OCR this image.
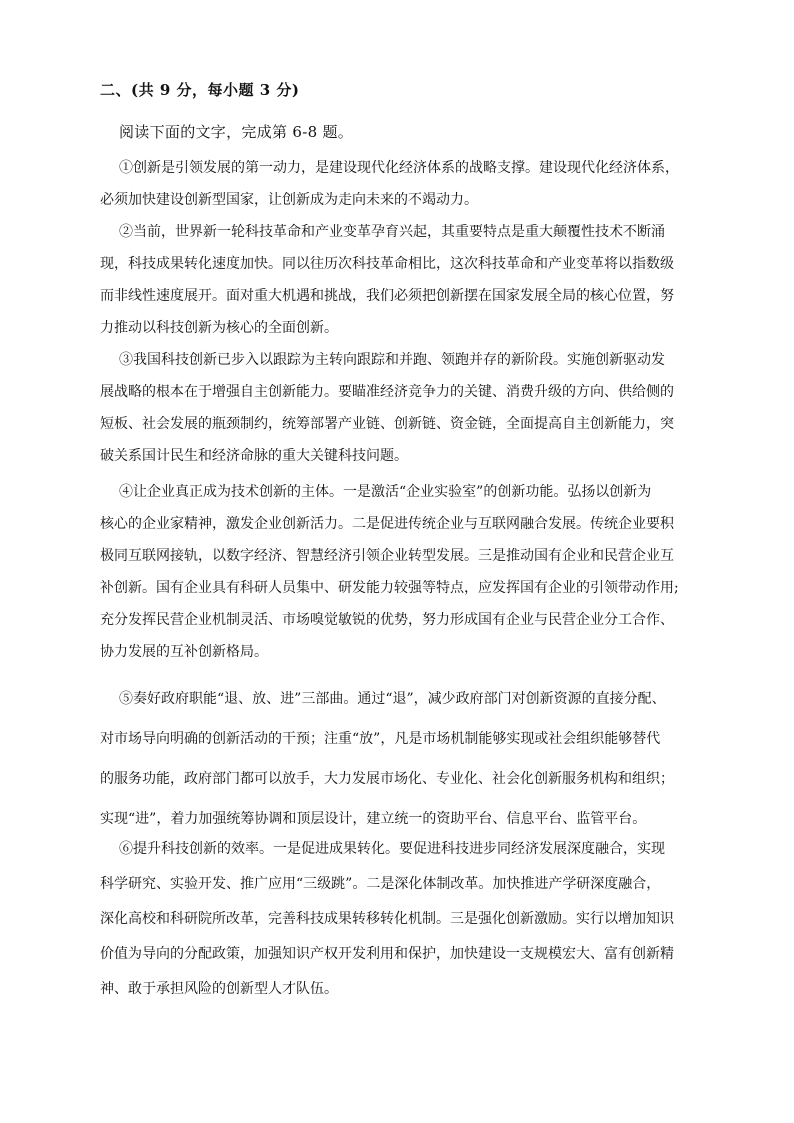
二、(共 9 分，每小题 3 分)
阅读下面的文字，完成第 6-8 题。
①创新是引领发展的第一动力，是建设现代化经济体系的战略支撑。建设现代化经济体系，
必须加快建设创新型国家，让创新成为走向未来的不竭动力。
②当前，世界新一轮科技革命和产业变革孕育兴起，其重要特点是重大颠覆性技术不断涌
现，科技成果转化速度加快。同以往历次科技革命相比，这次科技革命和产业变革将以指数级
而非线性速度展开。面对重大机遇和挑战，我们必须把创新摆在国家发展全局的核心位置，努
力推动以科技创新为核心的全面创新。
③我国科技创新已步入以跟踪为主转向跟踪和并跑、领跑并存的新阶段。实施创新驱动发
展战略的根本在于增强自主创新能力。要瞄准经济竞争力的关键、消费升级的方向、供给侧的
短板、社会发展的瓶颈制约，统筹部署产业链、创新链、资金链，全面提高自主创新能力，突
破关系国计民生和经济命脉的重大关键科技问题。
④让企业真正成为技术创新的主体。一是激活“企业实验室”的创新功能。弘扬以创新为
核心的企业家精神，激发企业创新活力。二是促进传统企业与互联网融合发展。传统企业要积
极同互联网接轨，以数字经济、智慧经济引领企业转型发展。三是推动国有企业和民营企业互
补创新。国有企业具有科研人员集中、研发能力较强等特点，应发挥国有企业的引领带动作用;
充分发挥民营企业机制灵活、市场嗅觉敏锐的优势，努力形成国有企业与民营企业分工合作、
协力发展的互补创新格局。
⑤奏好政府职能“退、放、进”三部曲。通过“退”，减少政府部门对创新资源的直接分配、
对市场导向明确的创新活动的干预；注重“放”，凡是市场机制能够实现或社会组织能够替代
的服务功能，政府部门都可以放手，大力发展市场化、专业化、社会化创新服务机构和组织；
实现“进”，着力加强统筹协调和顶层设计，建立统一的资助平台、信息平台、监管平台。
⑥提升科技创新的效率。一是促进成果转化。要促进科技进步同经济发展深度融合，实现
科学研究、实验开发、推广应用“三级跳”。二是深化体制改革。加快推进产学研深度融合，
深化高校和科研院所改革，完善科技成果转移转化机制。三是强化创新激励。实行以增加知识
价值为导向的分配政策，加强知识产权开发利用和保护，加快建设一支规模宏大、富有创新精
神、敢于承担风险的创新型人才队伍。
